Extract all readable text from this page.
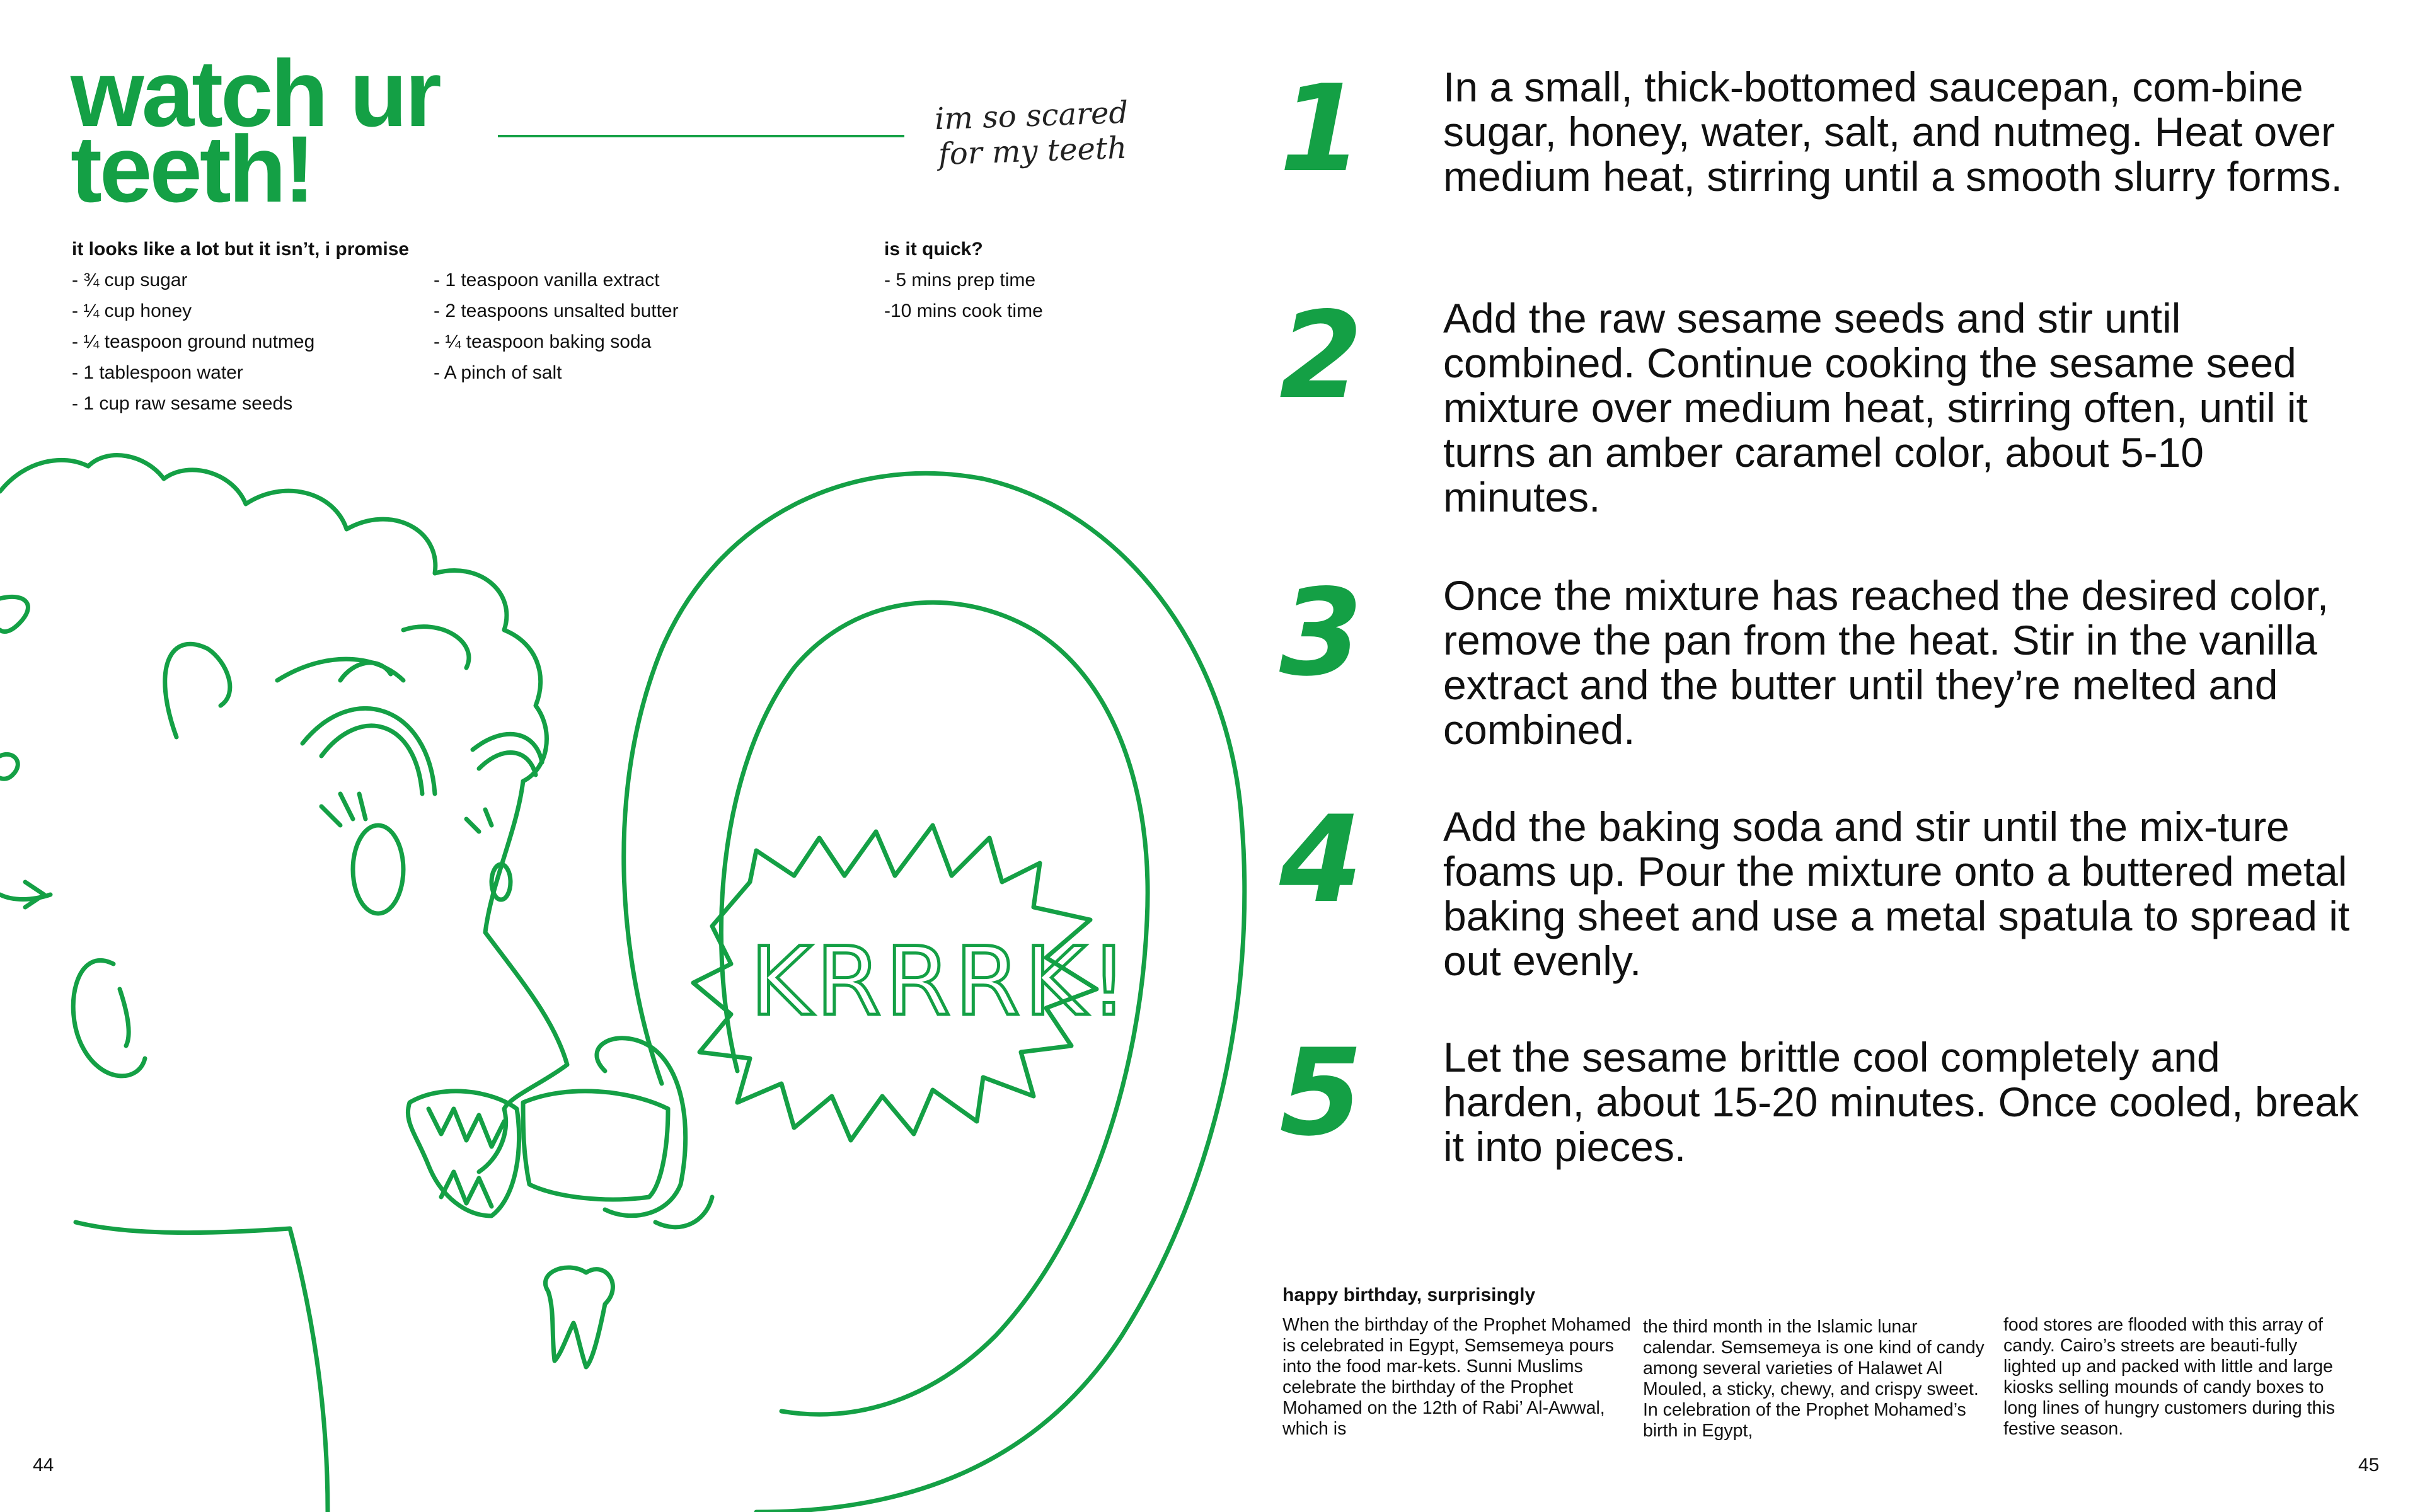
watch ur
teeth!
im so scared
for my teeth
it looks like a lot but it isn’t, i promise
- ¾ cup sugar
- ¼ cup honey
- ¼ teaspoon ground nutmeg
- 1 tablespoon water
- 1 cup raw sesame seeds
- 1 teaspoon vanilla extract
- 2 teaspoons unsalted butter
- ¼ teaspoon baking soda
- A pinch of salt
is it quick?
- 5 mins prep time
-10 mins cook time
KRRRK!
44
1 In a small, thick-bottomed saucepan, com-bine sugar, honey, water, salt, and nutmeg. Heat over medium heat, stirring until a smooth slurry forms.
2 Add the raw sesame seeds and stir until combined. Continue cooking the sesame seed mixture over medium heat, stirring often, until it turns an amber caramel color, about 5-10 minutes.
3 Once the mixture has reached the desired color, remove the pan from the heat. Stir in the vanilla extract and the butter until they’re melted and combined.
4 Add the baking soda and stir until the mix-ture foams up. Pour the mixture onto a buttered metal baking sheet and use a metal spatula to spread it out evenly.
5 Let the sesame brittle cool completely and harden, about 15-20 minutes. Once cooled, break it into pieces.
happy birthday, surprisingly
When the birthday of the Prophet Mohamed is celebrated in Egypt, Semsemeya pours into the food mar-kets. Sunni Muslims celebrate the birthday of the Prophet Mohamed on the 12th of Rabi’ Al-Awwal, which is
the third month in the Islamic lunar calendar. Semsemeya is one kind of candy among several varieties of Halawet Al Mouled, a sticky, chewy, and crispy sweet. In celebration of the Prophet Mohamed’s birth in Egypt,
food stores are flooded with this array of candy. Cairo’s streets are beauti-fully lighted up and packed with little and large kiosks selling mounds of candy boxes to long lines of hungry customers during this festive season.
45
